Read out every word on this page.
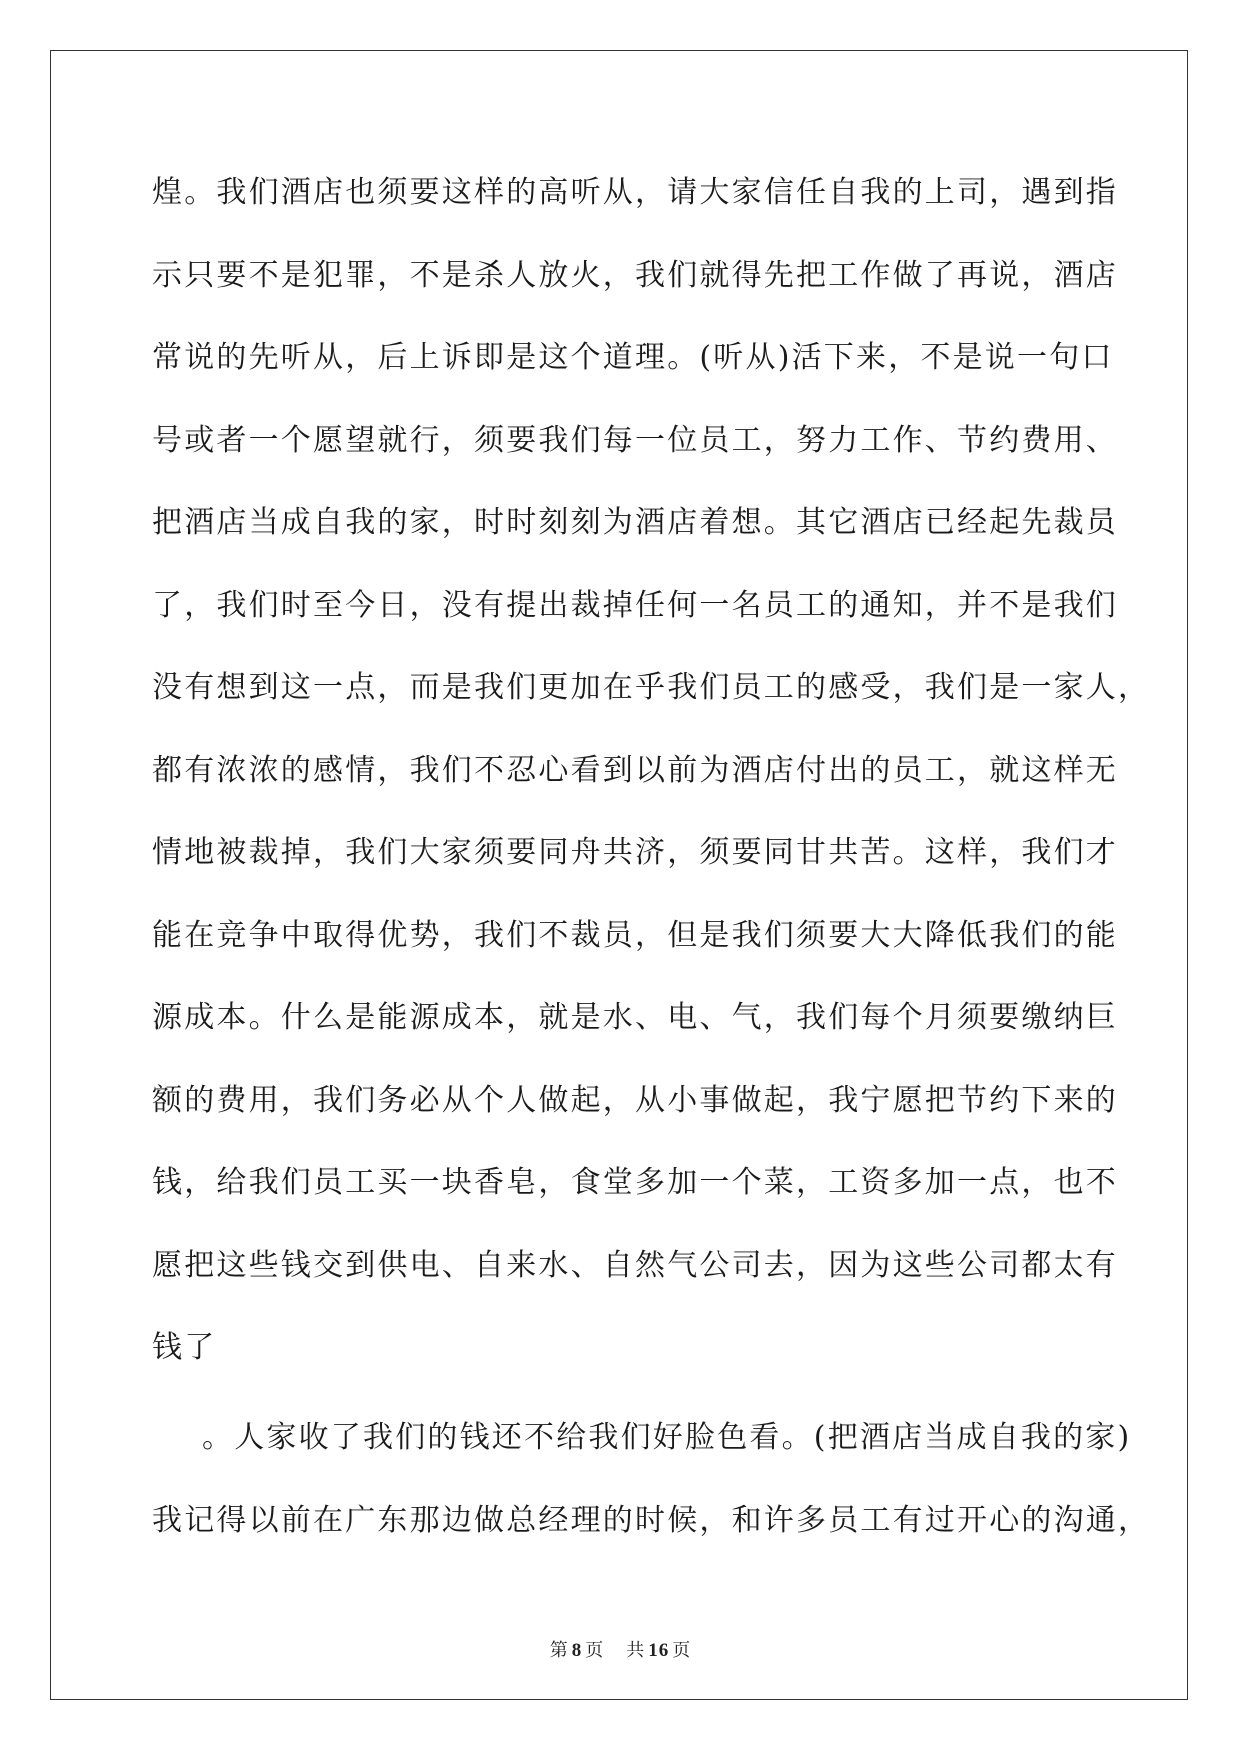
煌。我们酒店也须要这样的高听从，请大家信任自我的上司，遇到指
示只要不是犯罪，不是杀人放火，我们就得先把工作做了再说，酒店
常说的先听从，后上诉即是这个道理。(听从)活下来，不是说一句口
号或者一个愿望就行，须要我们每一位员工，努力工作、节约费用、
把酒店当成自我的家，时时刻刻为酒店着想。其它酒店已经起先裁员
了，我们时至今日，没有提出裁掉任何一名员工的通知，并不是我们
没有想到这一点，而是我们更加在乎我们员工的感受，我们是一家人，
都有浓浓的感情，我们不忍心看到以前为酒店付出的员工，就这样无
情地被裁掉，我们大家须要同舟共济，须要同甘共苦。这样，我们才
能在竞争中取得优势，我们不裁员，但是我们须要大大降低我们的能
源成本。什么是能源成本，就是水、电、气，我们每个月须要缴纳巨
额的费用，我们务必从个人做起，从小事做起，我宁愿把节约下来的
钱，给我们员工买一块香皂，食堂多加一个菜，工资多加一点，也不
愿把这些钱交到供电、自来水、自然气公司去，因为这些公司都太有
钱了
。人家收了我们的钱还不给我们好脸色看。(把酒店当成自我的家)
我记得以前在广东那边做总经理的时候，和许多员工有过开心的沟通，
第 8 页 共 16 页
